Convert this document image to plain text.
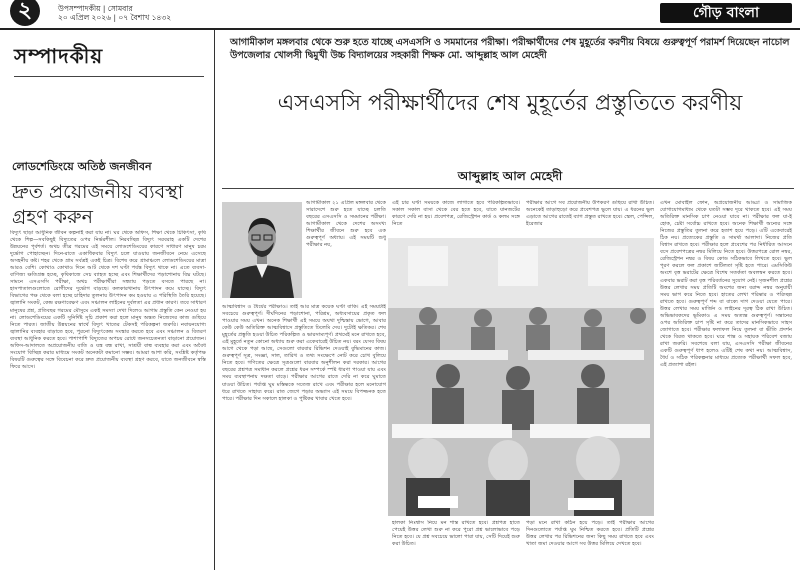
২	উপসম্পাদকীয় | সোমবার
২০ এপ্রিল ২০২৬ | ০৭ বৈশাখ ১৪৩২	গৌড় বাংলা
সম্পাদকীয়
লোডশেডিংয়ে অতিষ্ঠ জনজীবন
দ্রুত প্রয়োজনীয় ব্যবস্থা গ্রহণ করুন
বিদ্যুৎ ছাড়া আধুনিক জীবন কল্পনাই করা যায় না। ঘর থেকে অফিস, শিক্ষা থেকে চিকিৎসা, কৃষি থেকে শিল্প—সবকিছুই বিদ্যুতের ওপর নির্ভরশীল। নিরবচ্ছিন্ন বিদ্যুৎ সরবরাহ একটি দেশের উন্নয়নের পূর্বশর্ত। অথচ তীব্র গরমের এই সময়ে লোডশেডিংয়ের কারণে সাধারণ মানুষ চরম দুর্ভোগ পোহাচ্ছেন। দিনে-রাতে একাধিকবার বিদ্যুৎ চলে যাওয়ায় জনজীবনে নেমে এসেছে অসহনীয় কষ্ট। শহর থেকে গ্রাম সর্বত্রই একই চিত্র। বিশেষ করে গ্রামাঞ্চলে লোডশেডিংয়ের মাত্রা আরও বেশি। কোথাও কোথাও দিনে আট থেকে দশ ঘণ্টা পর্যন্ত বিদ্যুৎ থাকে না। এতে ব্যবসা-বাণিজ্য ক্ষতিগ্রস্ত হচ্ছে, কৃষিকাজে সেচ ব্যাহত হচ্ছে এবং শিক্ষার্থীদের পড়াশোনায় বিঘ্ন ঘটছে। সামনে এসএসসি পরীক্ষা, অথচ পরীক্ষার্থীরা সন্ধ্যায় পড়তে বসতে পারছে না। হাসপাতালগুলোতে রোগীদের দুর্ভোগ বাড়ছে। কলকারখানায় উৎপাদন কমে যাচ্ছে। বিদ্যুৎ বিভাগের পক্ষ থেকে বলা হচ্ছে চাহিদার তুলনায় উৎপাদন কম হওয়ায় এ পরিস্থিতি তৈরি হয়েছে। জ্বালানি সংকট, কেন্দ্র রক্ষণাবেক্ষণ এবং সঞ্চালন লাইনের দুর্বলতা এর প্রধান কারণ। তবে সাধারণ মানুষের প্রশ্ন, প্রতিবছর গরমের মৌসুমে একই সমস্যা দেখা দিলেও আগাম প্রস্তুতি কেন নেওয়া হয় না। লোডশেডিংয়ের একটি সুনির্দিষ্ট সূচি প্রকাশ করা হলে মানুষ অন্তত নিজেদের কাজ গুছিয়ে নিতে পারত। জাতীয় উন্নয়নের স্বার্থে বিদ্যুৎ খাতের টেকসই পরিকল্পনা জরুরি। নবায়নযোগ্য জ্বালানির ব্যবহার বাড়াতে হবে, পুরনো বিদ্যুৎকেন্দ্র সংস্কার করতে হবে এবং সঞ্চালন ও বিতরণ ব্যবস্থা আধুনিক করতে হবে। পাশাপাশি বিদ্যুতের অপচয় রোধে জনসচেতনতা বাড়ানো প্রয়োজন। অফিস-আদালতে অপ্রয়োজনীয় বাতি ও যন্ত্র বন্ধ রাখা, সাশ্রয়ী বাল্ব ব্যবহার করা এবং অবৈধ সংযোগ বিচ্ছিন্ন করার মাধ্যমে সংকট অনেকটা কমানো সম্ভব। আমরা আশা করি, সংশ্লিষ্ট কর্তৃপক্ষ বিষয়টি গুরুত্বের সঙ্গে বিবেচনা করে দ্রুত প্রয়োজনীয় ব্যবস্থা গ্রহণ করবে, যাতে জনজীবনে স্বস্তি ফিরে আসে।
আগামীকাল মঙ্গলবার থেকে শুরু হতে যাচ্ছে এসএসসি ও সমমানের পরীক্ষা। পরীক্ষার্থীদের শেষ মুহূর্তের করণীয় বিষয়ে গুরুত্বপূর্ণ পরামর্শ দিয়েছেন নাচোল উপজেলার খোলসী দ্বিমুখী উচ্চ বিদ্যালয়ের সহকারী শিক্ষক মো. আব্দুল্লাহ আল মেহেদী
এসএসসি পরীক্ষার্থীদের শেষ মুহূর্তের প্রস্তুতিতে করণীয়
আব্দুল্লাহ আল মেহেদী
আগামীকাল ২১ এপ্রিল মঙ্গলবার থেকে সারাদেশে শুরু হতে যাচ্ছে চলতি বছরের এসএসসি ও সমমানের পরীক্ষা। আগামীকাল থেকে দেশের অসংখ্য শিক্ষার্থীর জীবনে শুরু হবে এক গুরুত্বপূর্ণ অধ্যায়। এই সময়টি শুধু পরীক্ষার নয়,
আত্মবিশ্বাস ও ধৈর্যের পরীক্ষাও। তাই আর মাত্র কয়েক ঘণ্টা বাকি। এই সময়টাই সবচেয়ে গুরুত্বপূর্ণ। দীর্ঘদিনের পড়াশোনা, পরিশ্রম, অধ্যবসায়ের প্রকৃত ফল পাওয়ার সময় এখন। অনেক শিক্ষার্থী এই সময়ে অযথা দুশ্চিন্তায় ভোগে, আবার কেউ কেউ অতিরিক্ত আত্মবিশ্বাসে প্রস্তুতিতে ঢিলেমি দেয়। দুটোই ক্ষতিকর। শেষ মুহূর্তের প্রস্তুতি হওয়া উচিত পরিকল্পিত ও ভারসাম্যপূর্ণ। প্রথমেই মনে রাখতে হবে, এই মুহূর্তে নতুন কোনো অধ্যায় শুরু করা একেবারেই উচিত নয়। বরং যেসব বিষয় আগে থেকে পড়া আছে, সেগুলো বারবার রিভিশন দেওয়াই বুদ্ধিমানের কাজ। গুরুত্বপূর্ণ সূত্র, সংজ্ঞা, সাল, তারিখ ও তথ্য সংক্ষেপে নোট করে চোখ বুলিয়ে নিতে হবে। গণিতের ক্ষেত্রে সূত্রগুলো বারবার অনুশীলন করা দরকার। আগের বছরের প্রশ্নপত্র সমাধান করলে প্রশ্নের ধরন সম্পর্কে স্পষ্ট ধারণা পাওয়া যায় এবং সময় ব্যবস্থাপনায় দক্ষতা বাড়ে। পরীক্ষার আগের রাতে দেরি না করে ঘুমাতে যাওয়া উচিত। পর্যাপ্ত ঘুম মস্তিষ্ককে সতেজ রাখে এবং পরীক্ষার হলে মনোযোগ ধরে রাখতে সাহায্য করে। রাত জেগে পড়ার অভ্যাস এই সময়ে বিপজ্জনক হতে পারে। পরীক্ষার দিন সকালে হালকা ও পুষ্টিকর খাবার খেতে হবে।
এই চার ঘণ্টা সময়কে কাজে লাগাতে হবে পরিকল্পিতভাবে। সকাল সকাল বাসা থেকে বের হতে হবে, যাতে যানজটের কারণে দেরি না হয়। প্রবেশপত্র, রেজিস্ট্রেশন কার্ড ও কলম সঙ্গে নিতে
পরীক্ষার আগে সব প্রয়োজনীয় উপকরণ গুছিয়ে রাখা উচিত। অনেকেই তাড়াহুড়ো করে প্রবেশপত্র ভুলে যায়। এ ধরনের ভুল এড়াতে আগের রাতেই ব্যাগ প্রস্তুত রাখতে হবে। স্কেল, পেন্সিল, ইরেজার
এখন মোবাইল ফোন, অপ্রয়োজনীয় আড্ডা ও সামাজিক যোগাযোগমাধ্যম থেকে যতটা সম্ভব দূরে থাকতে হবে। এই সময় অতিরিক্ত মানসিক চাপ নেওয়া যাবে না। পরীক্ষার ফল যা-ই হোক, চেষ্টা সর্বোচ্চ রাখতে হবে। অনেক শিক্ষার্থী অন্যের সঙ্গে নিজের প্রস্তুতির তুলনা করে হতাশ হয়ে পড়ে। এটি একেবারেই ঠিক নয়। প্রত্যেকের প্রস্তুতি ও সামর্থ্য আলাদা। নিজের প্রতি বিশ্বাস রাখতে হবে। পরীক্ষার হলে প্রবেশের পর নির্ধারিত আসনে বসে প্রবেশপত্রের নম্বর মিলিয়ে নিতে হবে। উত্তরপত্রে রোল নম্বর, রেজিস্ট্রেশন নম্বর ও বিষয় কোড সঠিকভাবে লিখতে হবে। ভুল পূরণ করলে ফল প্রকাশে জটিলতা সৃষ্টি হতে পারে। এমসিকিউ অংশে বৃত্ত ভরাটের ক্ষেত্রে বিশেষ সতর্কতা অবলম্বন করতে হবে। একবার ভরাট করা বৃত্ত পরিবর্তনের সুযোগ নেই। সৃজনশীল প্রশ্নের উত্তর লেখার সময় প্রতিটি অংশের জন্য বরাদ্দ নম্বর অনুযায়ী সময় ভাগ করে নিতে হবে। হাতের লেখা পরিষ্কার ও পরিচ্ছন্ন রাখতে হবে। গুরুত্বপূর্ণ শব্দ বা বাক্যে দাগ দেওয়া যেতে পারে। উত্তর লেখার সময় মার্জিন ও লাইনের দূরত্ব ঠিক রাখা উচিত। অভিভাবকদের ভূমিকাও এ সময় অত্যন্ত গুরুত্বপূর্ণ। সন্তানের ওপর অতিরিক্ত চাপ সৃষ্টি না করে তাদের মানসিকভাবে সাহস জোগাতে হবে। পরীক্ষার ফলাফল নিয়ে তুলনা বা ভীতি প্রদর্শন থেকে বিরত থাকতে হবে। ঘরে শান্ত ও সহায়ক পরিবেশ বজায় রাখা জরুরি। সবশেষে বলা যায়, এসএসসি পরীক্ষা জীবনের একটি গুরুত্বপূর্ণ ধাপ হলেও এটিই শেষ কথা নয়। আত্মবিশ্বাস, ধৈর্য ও সঠিক পরিকল্পনার মাধ্যমে প্রত্যেক পরীক্ষার্থী সফল হবে, এই প্রত্যাশা রইল।
হালকা নিঃশ্বাস নিয়ে মন শান্ত রাখতে হবে। প্রশ্নপত্র হাতে পেয়েই উত্তর লেখা শুরু না করে পুরো প্রশ্ন ভালোভাবে পড়ে নিতে হবে। যে প্রশ্ন সবচেয়ে ভালো পারা যায়, সেটি দিয়েই শুরু করা উচিত।
পড়া মনে রাখা কঠিন হয়ে পড়ে। তাই পরীক্ষার আগের দিনগুলোতে পর্যাপ্ত ঘুম নিশ্চিত করতে হবে। প্রতিটি প্রশ্নের উত্তর লেখার পর রিভিশনের জন্য কিছু সময় রাখতে হবে এবং খাতা জমা দেওয়ার আগে সব উত্তর মিলিয়ে দেখতে হবে।
